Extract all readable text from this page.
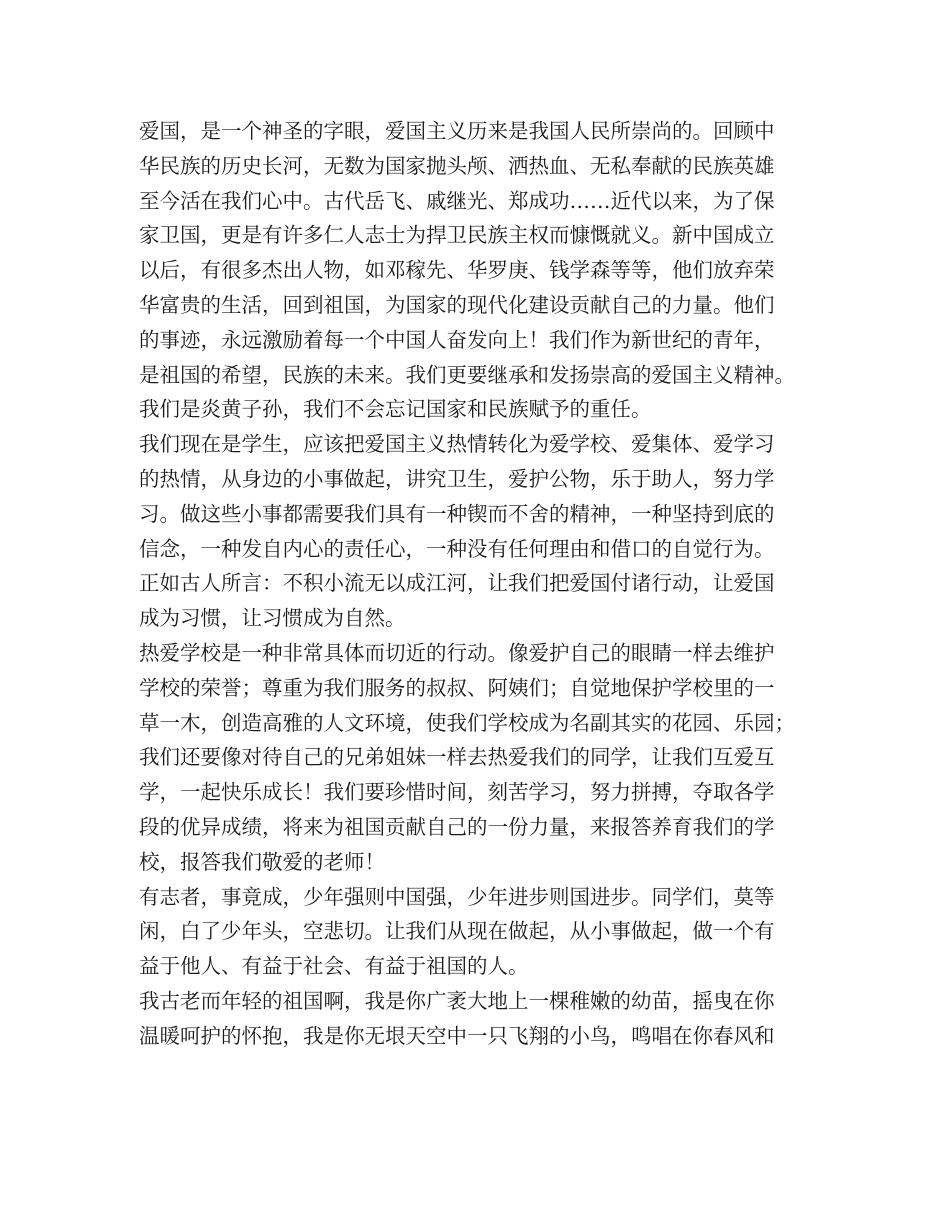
爱国，是一个神圣的字眼，爱国主义历来是我国人民所崇尚的。回顾中
华民族的历史长河，无数为国家抛头颅、洒热血、无私奉献的民族英雄
至今活在我们心中。古代岳飞、戚继光、郑成功……近代以来，为了保
家卫国，更是有许多仁人志士为捍卫民族主权而慷慨就义。新中国成立
以后，有很多杰出人物，如邓稼先、华罗庚、钱学森等等，他们放弃荣
华富贵的生活，回到祖国，为国家的现代化建设贡献自己的力量。他们
的事迹，永远激励着每一个中国人奋发向上！我们作为新世纪的青年，
是祖国的希望，民族的未来。我们更要继承和发扬崇高的爱国主义精神。
我们是炎黄子孙，我们不会忘记国家和民族赋予的重任。
我们现在是学生，应该把爱国主义热情转化为爱学校、爱集体、爱学习
的热情，从身边的小事做起，讲究卫生，爱护公物，乐于助人，努力学
习。做这些小事都需要我们具有一种锲而不舍的精神，一种坚持到底的
信念，一种发自内心的责任心，一种没有任何理由和借口的自觉行为。
正如古人所言：不积小流无以成江河，让我们把爱国付诸行动，让爱国
成为习惯，让习惯成为自然。
热爱学校是一种非常具体而切近的行动。像爱护自己的眼睛一样去维护
学校的荣誉；尊重为我们服务的叔叔、阿姨们；自觉地保护学校里的一
草一木，创造高雅的人文环境，使我们学校成为名副其实的花园、乐园；
我们还要像对待自己的兄弟姐妹一样去热爱我们的同学，让我们互爱互
学，一起快乐成长！我们要珍惜时间，刻苦学习，努力拼搏，夺取各学
段的优异成绩，将来为祖国贡献自己的一份力量，来报答养育我们的学
校，报答我们敬爱的老师！
有志者，事竟成，少年强则中国强，少年进步则国进步。同学们，莫等
闲，白了少年头，空悲切。让我们从现在做起，从小事做起，做一个有
益于他人、有益于社会、有益于祖国的人。
我古老而年轻的祖国啊，我是你广袤大地上一棵稚嫩的幼苗，摇曳在你
温暖呵护的怀抱，我是你无垠天空中一只飞翔的小鸟，鸣唱在你春风和
